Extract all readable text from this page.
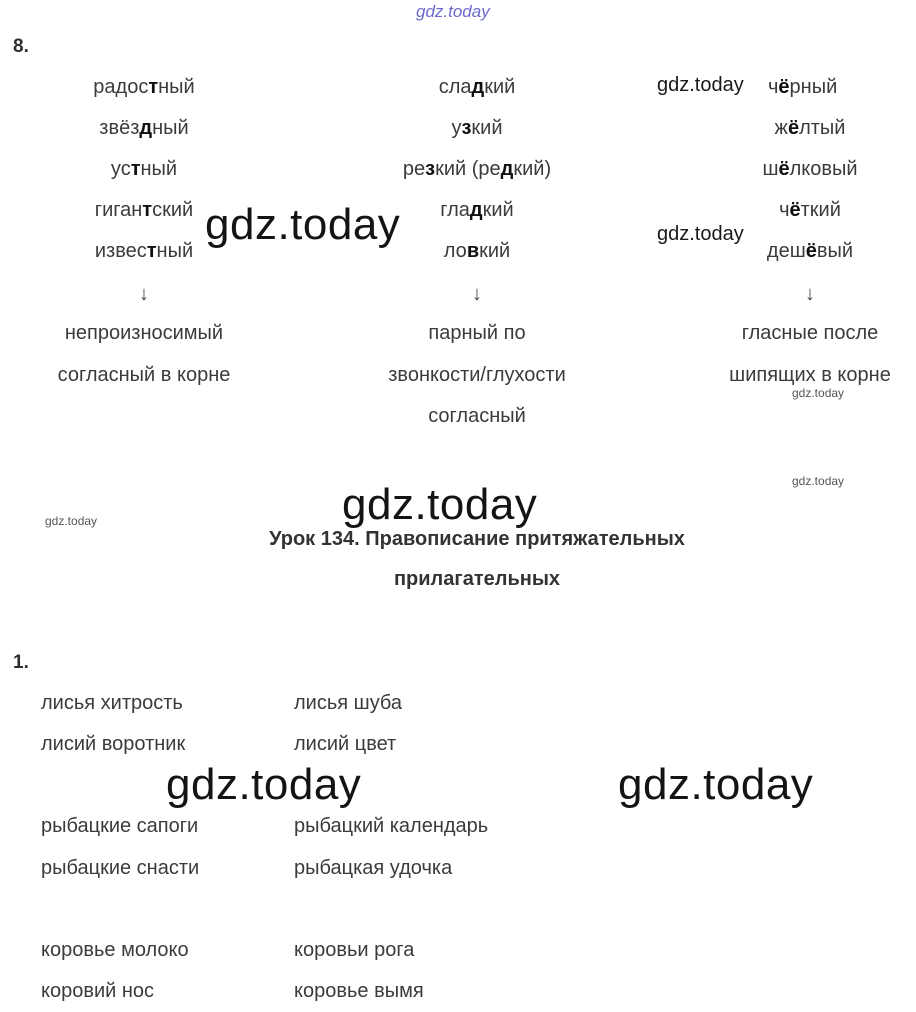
gdz.today
gdz.today
gdz.today	gdz.today
gdz.today
gdz.today
gdz.today	gdz.today
gdz.today	gdz.today
8.
радостный
звёздный
устный
гигантский
известный
↓
непроизносимый
согласный в корне
сладкий
узкий
резкий (редкий)
гладкий
ловкий
↓
парный по
звонкости/глухости
согласный
чёрный
жёлтый
шёлковый
чёткий
дешёвый
↓
гласные после
шипящих в корне
Урок 134. Правописание притяжательных
прилагательных
1.
лисья хитрость	лисья шуба
лисий воротник	лисий цвет
рыбацкие сапоги	рыбацкий календарь
рыбацкие снасти	рыбацкая удочка
коровье молоко	коровьи рога
коровий нос	коровье вымя
